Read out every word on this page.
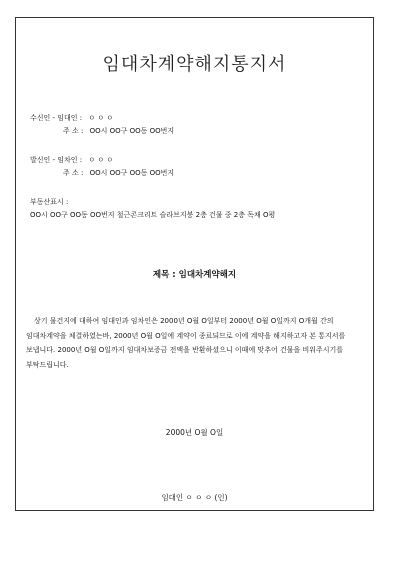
임대차계약해지통지서
수신인 - 임대인 : ㅇ ㅇ ㅇ
주 소 : OO시 OO구 OO동 OO번지
발신인 - 임차인 : ㅇ ㅇ ㅇ
주 소 : OO시 OO구 OO동 OO번지
부동산표시 :
OO시 OO구 OO동 OO번지 철근콘크리트 슬라브지붕 2층 건물 중 2층 독채 O평
제목 : 임대차계약해지
상기 물건지에 대하여 임대인과 임차인은 2000년 O월 O일부터 2000년 O월 O일까지 O개월 간의
임대차계약을 체결하였는바, 2000년 O월 O일에 계약이 종료되므로 이에 계약을 해지하고자 본 통지서를
보냅니다. 2000년 O월 O일까지 임대차보증금 전액을 반환하셨으니 이때에 맞추어 건물을 비워주시기를
부탁드립니다.
2000년 O월 O일
임대인 ㅇ ㅇ ㅇ (인)
